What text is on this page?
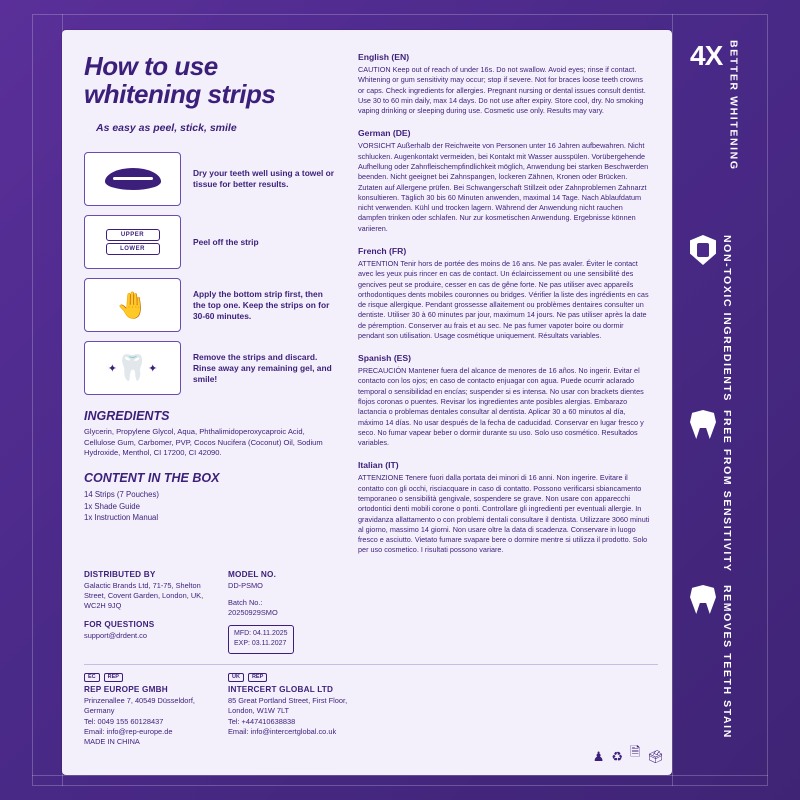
How to use
whitening strips
As easy as peel, stick, smile
Dry your teeth well using a towel or tissue for better results.
UPPER
LOWER
Peel off the strip
🤚	Apply the bottom strip first, then the top one. Keep the strips on for 30-60 minutes.
✦ 🦷 ✦
Remove the strips and discard. Rinse away any remaining gel, and smile!
INGREDIENTS

Glycerin, Propylene Glycol, Aqua, Phthalimidoperoxycaproic Acid, Cellulose Gum, Carbomer, PVP, Cocos Nucifera (Coconut) Oil, Sodium Hydroxide, Menthol, CI 17200, CI 42090.

CONTENT IN THE BOX
14 Strips (7 Pouches)
1x Shade Guide
1x Instruction Manual
DISTRIBUTED BY
Galactic Brands Ltd, 71-75, Shelton Street, Covent Garden, London, UK, WC2H 9JQ
FOR QUESTIONS
support@drdent.co
MODEL NO.
DD-PSMO
Batch No.:
20250929SMO
MFD: 04.11.2025
EXP: 03.11.2027
EC	REP
REP EUROPE GMBH
Prinzenallee 7, 40549 Düsseldorf, Germany
Tel: 0049 155 60128437
Email: info@rep-europe.de
MADE IN CHINA
UK	REP
INTERCERT GLOBAL LTD
85 Great Portland Street, First Floor, London, W1W 7LT
Tel: +447410638838
Email: info@intercertglobal.co.uk
English (EN)

CAUTION Keep out of reach of under 16s. Do not swallow. Avoid eyes; rinse if contact. Whitening or gum sensitivity may occur; stop if severe. Not for braces loose teeth crowns or caps. Check ingredients for allergies. Pregnant nursing or dental issues consult dentist. Use 30 to 60 min daily, max 14 days. Do not use after expiry. Store cool, dry. No smoking vaping drinking or sleeping during use. Cosmetic use only. Results may vary.

German (DE)

VORSICHT Außerhalb der Reichweite von Personen unter 16 Jahren aufbewahren. Nicht schlucken. Augenkontakt vermeiden, bei Kontakt mit Wasser ausspülen. Vorübergehende Aufhellung oder Zahnfleischempfindlichkeit möglich, Anwendung bei starken Beschwerden beenden. Nicht geeignet bei Zahnspangen, lockeren Zähnen, Kronen oder Brücken. Zutaten auf Allergene prüfen. Bei Schwangerschaft Stillzeit oder Zahnproblemen Zahnarzt konsultieren. Täglich 30 bis 60 Minuten anwenden, maximal 14 Tage. Nach Ablaufdatum nicht verwenden. Kühl und trocken lagern. Während der Anwendung nicht rauchen dampfen trinken oder schlafen. Nur zur kosmetischen Anwendung. Ergebnisse können variieren.

French (FR)

ATTENTION Tenir hors de portée des moins de 16 ans. Ne pas avaler. Éviter le contact avec les yeux puis rincer en cas de contact. Un éclaircissement ou une sensibilité des gencives peut se produire, cesser en cas de gêne forte. Ne pas utiliser avec appareils orthodontiques dents mobiles couronnes ou bridges. Vérifier la liste des ingrédients en cas de risque allergique. Pendant grossesse allaitement ou problèmes dentaires consulter un dentiste. Utiliser 30 à 60 minutes par jour, maximum 14 jours. Ne pas utiliser après la date de péremption. Conserver au frais et au sec. Ne pas fumer vapoter boire ou dormir pendant son utilisation. Usage cosmétique uniquement. Résultats variables.

Spanish (ES)

PRECAUCIÓN Mantener fuera del alcance de menores de 16 años. No ingerir. Evitar el contacto con los ojos; en caso de contacto enjuagar con agua. Puede ocurrir aclarado temporal o sensibilidad en encías; suspender si es intensa. No usar con brackets dientes flojos coronas o puentes. Revisar los ingredientes ante posibles alergias. Embarazo lactancia o problemas dentales consultar al dentista. Aplicar 30 a 60 minutos al día, máximo 14 días. No usar después de la fecha de caducidad. Conservar en lugar fresco y seco. No fumar vapear beber o dormir durante su uso. Solo uso cosmético. Resultados variables.

Italian (IT)

ATTENZIONE Tenere fuori dalla portata dei minori di 16 anni. Non ingerire. Evitare il contatto con gli occhi, risciacquare in caso di contatto. Possono verificarsi sbiancamento temporaneo o sensibilità gengivale, sospendere se grave. Non usare con apparecchi ortodontici denti mobili corone o ponti. Controllare gli ingredienti per eventuali allergie. In gravidanza allattamento o con problemi dentali consultare il dentista. Utilizzare 3060 minuti al giorno, massimo 14 giorni. Non usare oltre la data di scadenza. Conservare in luogo fresco e asciutto. Vietato fumare svapare bere o dormire mentre si utilizza il prodotto. Solo per uso cosmetico. I risultati possono variare.

♟ ♻ 🗎 🗳
4X BETTER WHITENING
NON-TOXIC INGREDIENTS
FREE FROM SENSITIVITY
REMOVES TEETH STAIN
